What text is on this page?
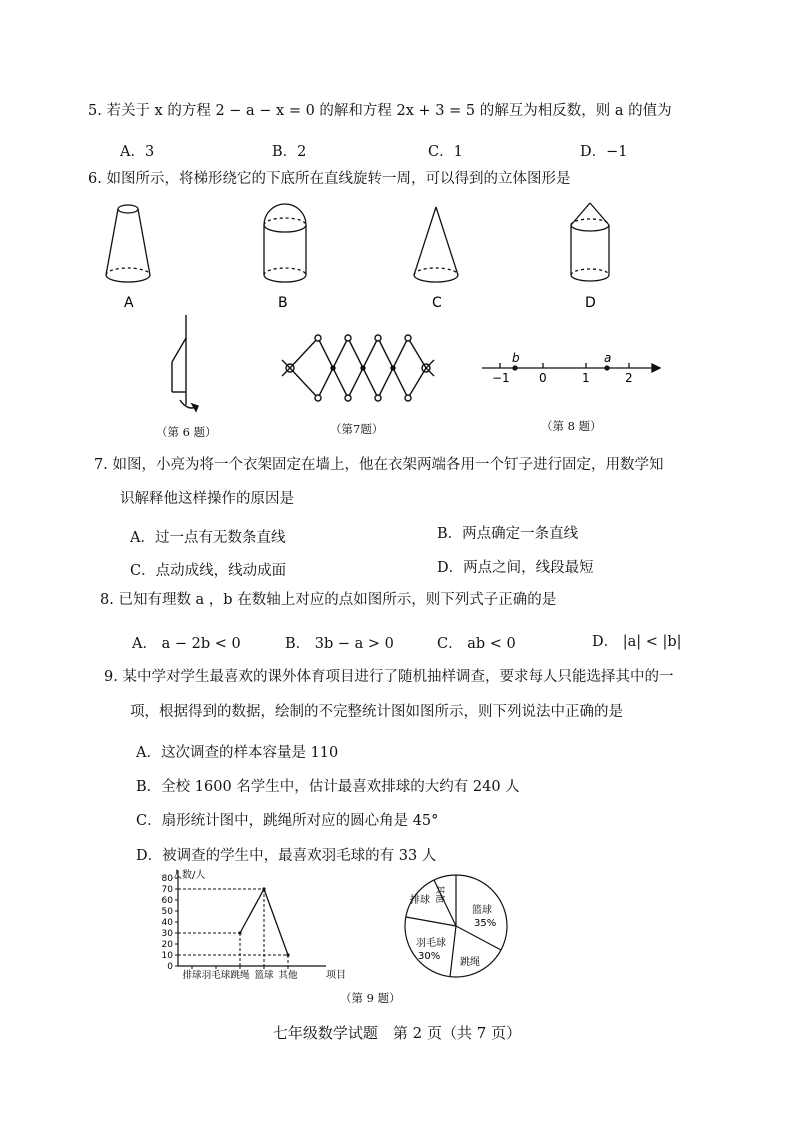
5. 若关于 x 的方程 2 − a − x = 0 的解和方程 2x + 3 = 5 的解互为相反数，则 a 的值为
A．3	B．2	C．1	D．−1
6. 如图所示，将梯形绕它的下底所在直线旋转一周，可以得到的立体图形是
A	B	C	D
b	a
−1 0	1	2
（第 6 题）	（第7题）	（第 8 题）
7. 如图，小亮为将一个衣架固定在墙上，他在衣架两端各用一个钉子进行固定，用数学知
识解释他这样操作的原因是
A．过一点有无数条直线	B．两点确定一条直线
C．点动成线，线动成面	D．两点之间，线段最短
8. 已知有理数 a ，b 在数轴上对应的点如图所示，则下列式子正确的是
A． a − 2b < 0	B． 3b − a > 0	C． ab < 0	D． |a| < |b|
9. 某中学对学生最喜欢的课外体育项目进行了随机抽样调查，要求每人只能选择其中的一
项，根据得到的数据，绘制的不完整统计图如图所示，则下列说法中正确的是
A．这次调查的样本容量是 110
B．全校 1600 名学生中，估计最喜欢排球的大约有 240 人
C．扇形统计图中，跳绳所对应的圆心角是 45°
D．被调查的学生中，最喜欢羽毛球的有 33 人
人数/人
项目
0
10
20
30
40
50
60
70
80
排球 羽毛球 跳绳 篮球 其他
篮球
35%
跳绳
羽毛球
30%
排球 其他
（第 9 题）
七年级数学试题　第 2 页（共 7 页）
